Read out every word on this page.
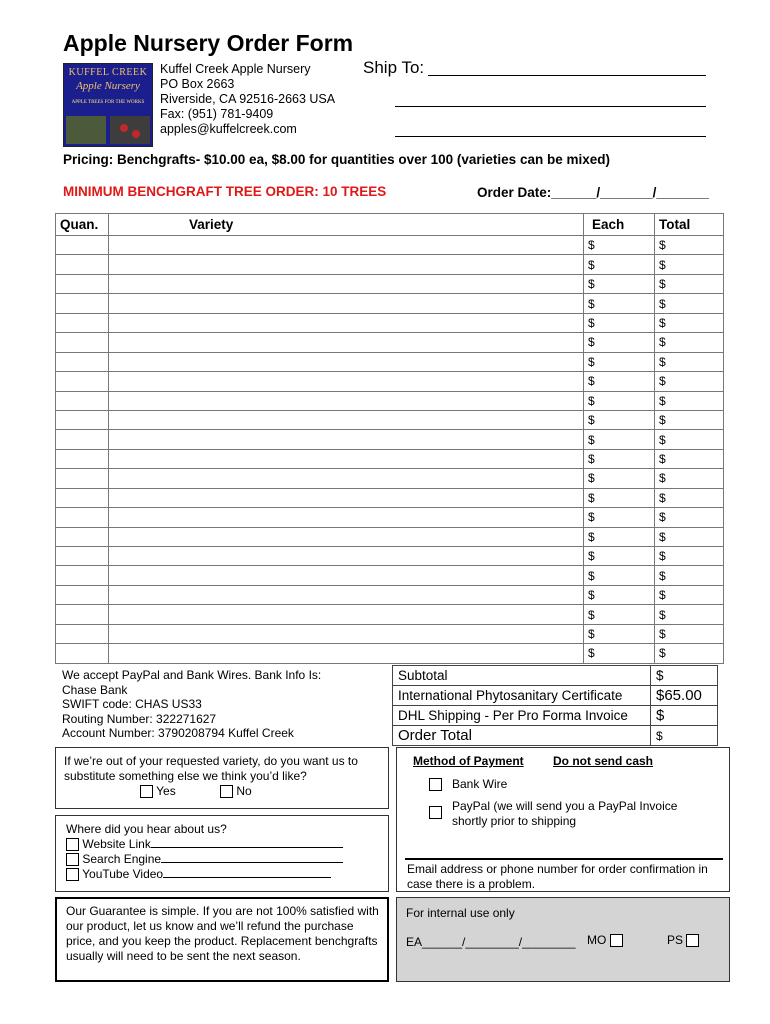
Apple Nursery Order Form
KUFFEL CREEK
Apple Nursery
APPLE TREES FOR THE WORKS
Kuffel Creek Apple Nursery
PO Box 2663
Riverside, CA 92516-2663 USA
Fax: (951) 781-9409
apples@kuffelcreek.com
Ship To:
Pricing: Benchgrafts- $10.00 ea, $8.00 for quantities over 100 (varieties can be mixed)
MINIMUM BENCHGRAFT TREE ORDER: 10 TREES	Order Date:______/_______/_______
Quan.	Variety	Each	Total
		$	$
		$	$
		$	$
		$	$
		$	$
		$	$
		$	$
		$	$
		$	$
		$	$
		$	$
		$	$
		$	$
		$	$
		$	$
		$	$
		$	$
		$	$
		$	$
		$	$
		$	$
		$	$
We accept PayPal and Bank Wires. Bank Info Is:
Chase Bank
SWIFT code: CHAS US33
Routing Number: 322271627
Account Number: 3790208794 Kuffel Creek
Subtotal	$
International Phytosanitary Certificate	$65.00
DHL Shipping - Per Pro Forma Invoice	$
Order Total	$
If we’re out of your requested variety, do you want us to substitute something else we think you’d like?
Yes	No
Method of Payment Do not send cash
Bank Wire
PayPal (we will send you a PayPal Invoice shortly prior to shipping
Email address or phone number for order confirmation in case there is a problem.
Where did you hear about us?
Website Link
Search Engine
YouTube Video
Our Guarantee is simple. If you are not 100% satisfied with our product, let us know and we’ll refund the purchase price, and you keep the product. Replacement benchgrafts usually will need to be sent the next season.
For internal use only
EA______/________/________ MO	PS
